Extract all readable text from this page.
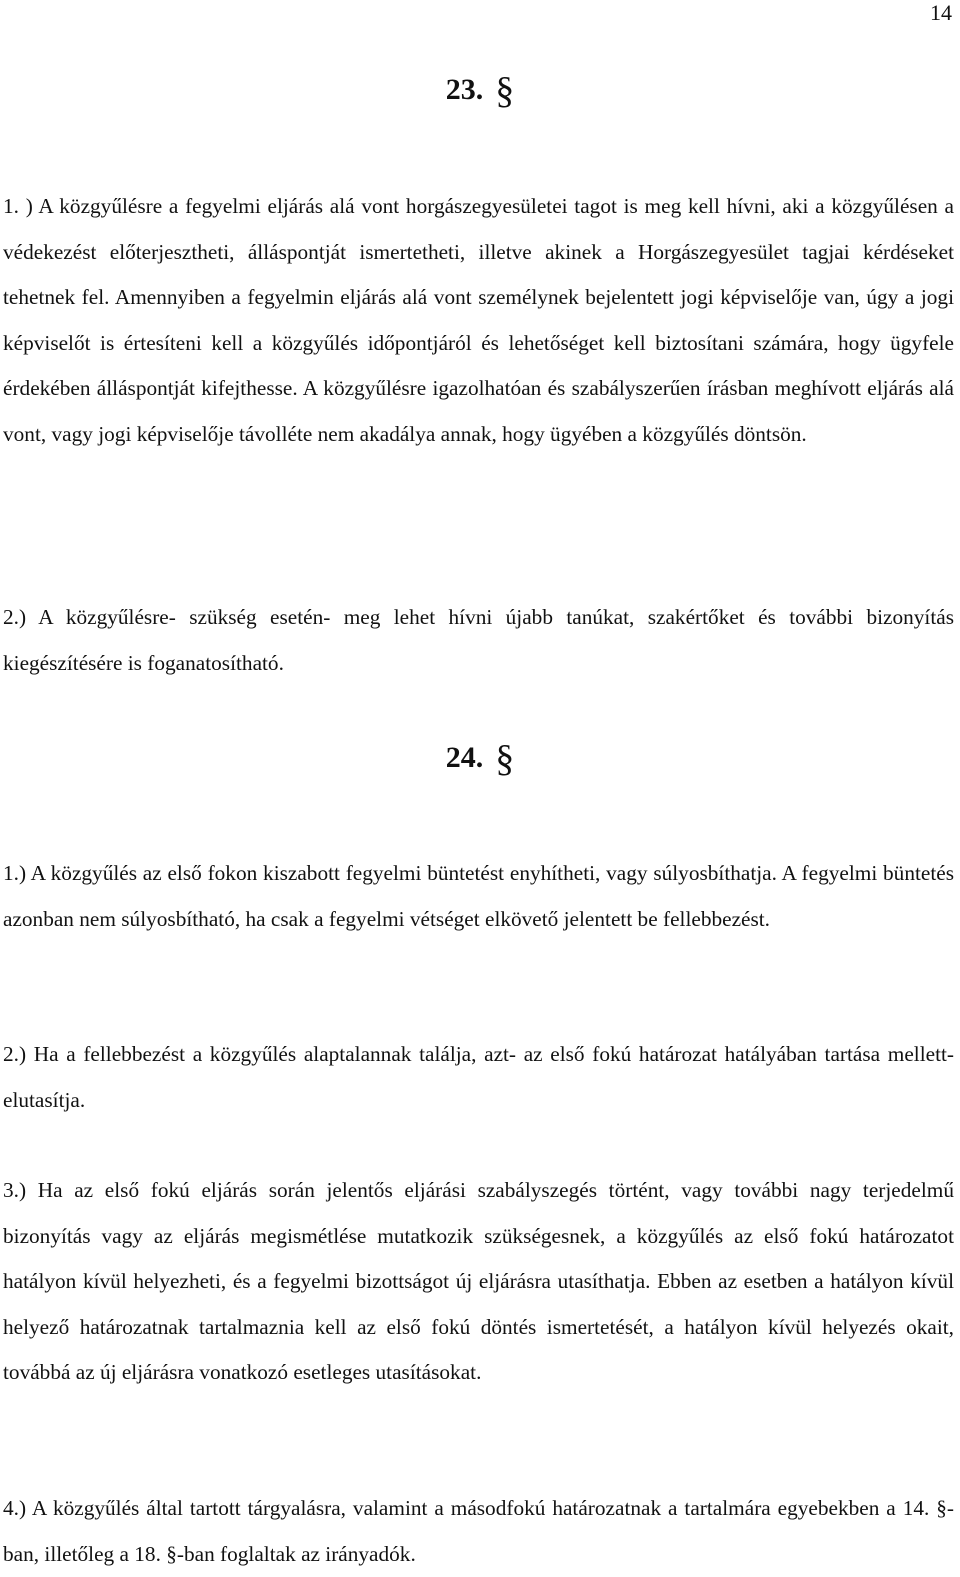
14
23. §

1. ) A közgyűlésre a fegyelmi eljárás alá vont horgászegyesületei tagot is meg kell hívni, aki a közgyűlésen a védekezést előterjesztheti, álláspontját ismertetheti, illetve akinek a Horgászegyesület tagjai kérdéseket tehetnek fel. Amennyiben a fegyelmin eljárás alá vont személynek bejelentett jogi képviselője van, úgy a jogi képviselőt is értesíteni kell a közgyűlés időpontjáról és lehetőséget kell biztosítani számára, hogy ügyfele érdekében álláspontját kifejthesse. A közgyűlésre igazolhatóan és szabályszerűen írásban meghívott eljárás alá vont, vagy jogi képviselője távolléte nem akadálya annak, hogy ügyében a közgyűlés döntsön.

2.) A közgyűlésre- szükség esetén- meg lehet hívni újabb tanúkat, szakértőket és további bizonyítás kiegészítésére is foganatosítható.

24. §

1.) A közgyűlés az első fokon kiszabott fegyelmi büntetést enyhítheti, vagy súlyosbíthatja. A fegyelmi büntetés azonban nem súlyosbítható, ha csak a fegyelmi vétséget elkövető jelentett be fellebbezést.

2.) Ha a fellebbezést a közgyűlés alaptalannak találja, azt- az első fokú határozat hatályában tartása mellett- elutasítja.

3.) Ha az első fokú eljárás során jelentős eljárási szabályszegés történt, vagy további nagy terjedelmű bizonyítás vagy az eljárás megismétlése mutatkozik szükségesnek, a közgyűlés az első fokú határozatot hatályon kívül helyezheti, és a fegyelmi bizottságot új eljárásra utasíthatja. Ebben az esetben a hatályon kívül helyező határozatnak tartalmaznia kell az első fokú döntés ismertetését, a hatályon kívül helyezés okait, továbbá az új eljárásra vonatkozó esetleges utasításokat.

4.) A közgyűlés által tartott tárgyalásra, valamint a másodfokú határozatnak a tartalmára egyebekben a 14. §-ban, illetőleg a 18. §-ban foglaltak az irányadók.
